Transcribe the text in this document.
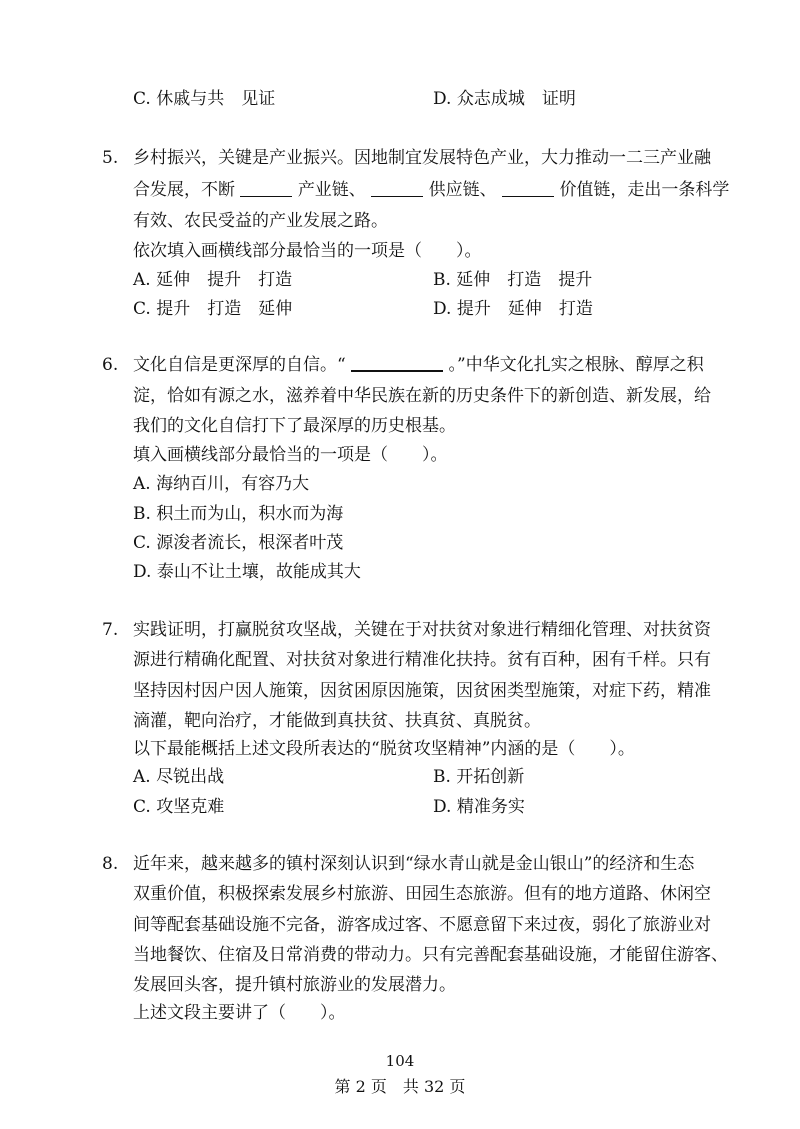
C. 休戚与共　见证	D. 众志成城　证明
5. 乡村振兴，关键是产业振兴。因地制宜发展特色产业，大力推动一二三产业融
合发展，不断	产业链、	供应链、	价值链，走出一条科学
有效、农民受益的产业发展之路。
依次填入画横线部分最恰当的一项是（　　）。
A. 延伸　提升　打造	B. 延伸　打造　提升
C. 提升　打造　延伸	D. 提升　延伸　打造
6. 文化自信是更深厚的自信。“	。”中华文化扎实之根脉、醇厚之积
淀，恰如有源之水，滋养着中华民族在新的历史条件下的新创造、新发展，给
我们的文化自信打下了最深厚的历史根基。
填入画横线部分最恰当的一项是（　　）。
A. 海纳百川，有容乃大
B. 积土而为山，积水而为海
C. 源浚者流长，根深者叶茂
D. 泰山不让土壤，故能成其大
7. 实践证明，打赢脱贫攻坚战，关键在于对扶贫对象进行精细化管理、对扶贫资
源进行精确化配置、对扶贫对象进行精准化扶持。贫有百种，困有千样。只有
坚持因村因户因人施策，因贫困原因施策，因贫困类型施策，对症下药，精准
滴灌，靶向治疗，才能做到真扶贫、扶真贫、真脱贫。
以下最能概括上述文段所表达的“脱贫攻坚精神”内涵的是（　　）。
A. 尽锐出战	B. 开拓创新
C. 攻坚克难	D. 精准务实
8. 近年来，越来越多的镇村深刻认识到“绿水青山就是金山银山”的经济和生态
双重价值，积极探索发展乡村旅游、田园生态旅游。但有的地方道路、休闲空
间等配套基础设施不完备，游客成过客、不愿意留下来过夜，弱化了旅游业对
当地餐饮、住宿及日常消费的带动力。只有完善配套基础设施，才能留住游客、
发展回头客，提升镇村旅游业的发展潜力。
上述文段主要讲了（　　）。
104
第 2 页　共 32 页
